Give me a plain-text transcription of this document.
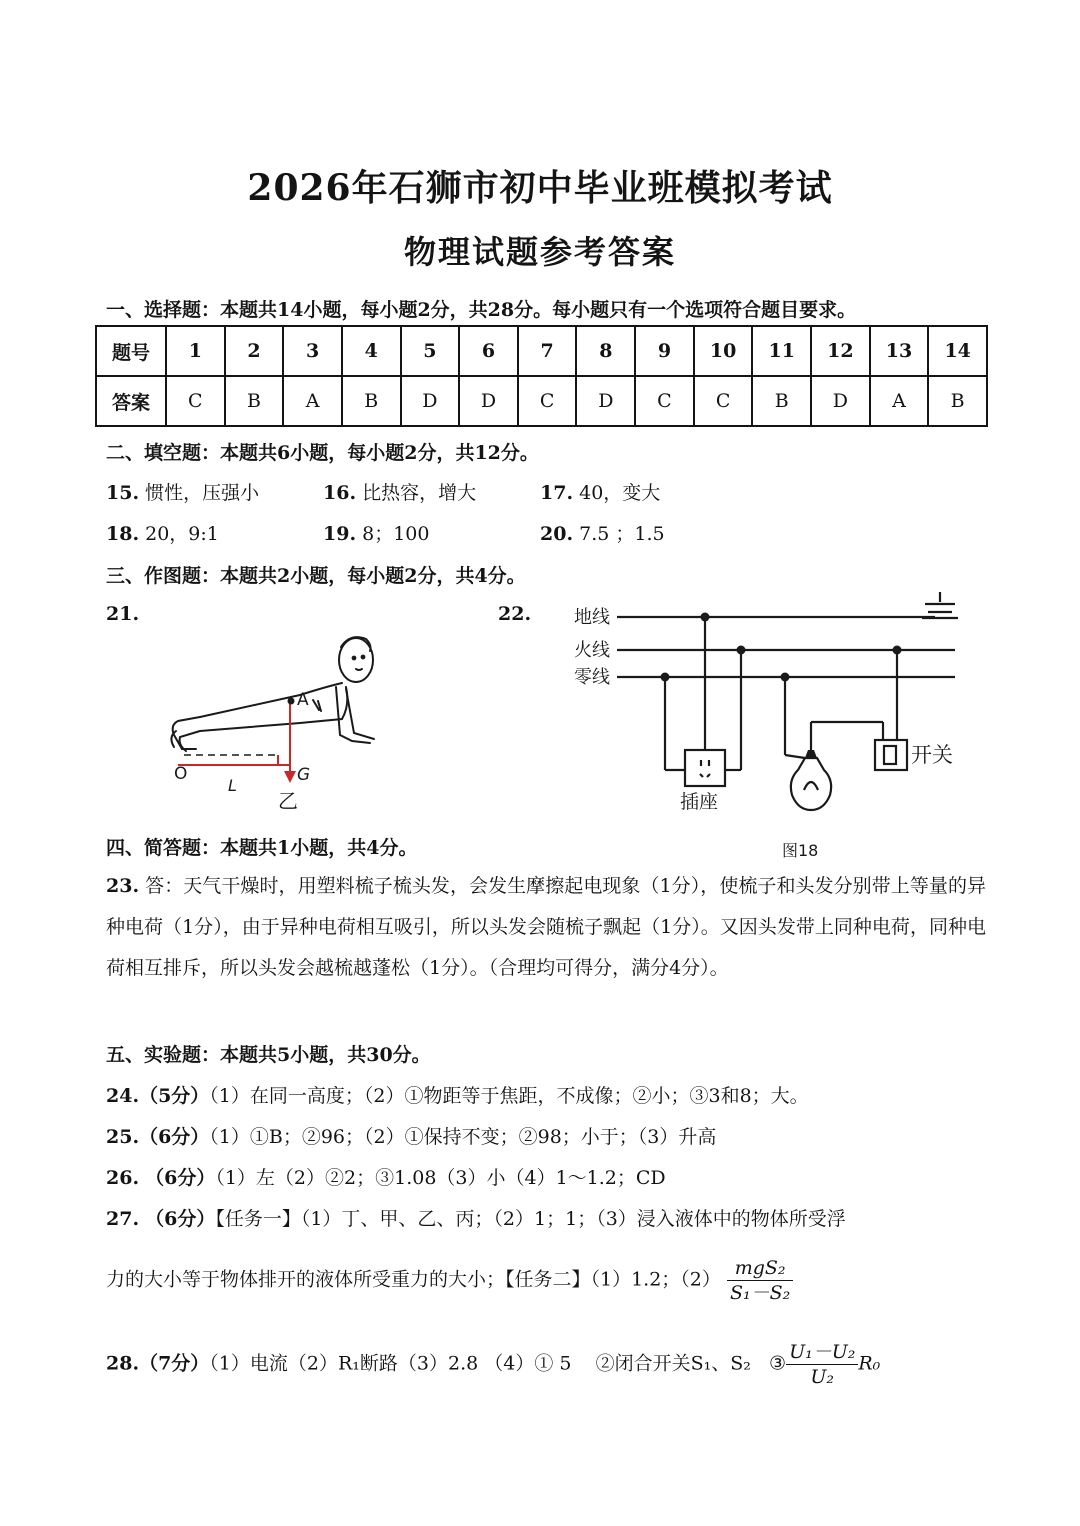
2026年石狮市初中毕业班模拟考试
物理试题参考答案
一、选择题：本题共14小题，每小题2分，共28分。每小题只有一个选项符合题目要求。
题号	1	2	3	4	5	6	7	8	9	10	11	12	13	14
答案	C	B	A	B	D	D	C	D	C	C	B	D	A	B
二、填空题：本题共6小题，每小题2分，共12分。
15. 惯性，压强小	16. 比热容，增大	17. 40，变大
18. 20，9:1	19. 8；100	20. 7.5 ；1.5
三、作图题：本题共2小题，每小题2分，共4分。
21.	22.
A
O
L
G
乙
地线
火线
零线
插座
开关
图18
四、简答题：本题共1小题，共4分。
23. 答：天气干燥时，用塑料梳子梳头发，会发生摩擦起电现象（1分），使梳子和头发分别带上等量的异种电荷（1分），由于异种电荷相互吸引，所以头发会随梳子飘起（1分）。又因头发带上同种电荷，同种电荷相互排斥，所以头发会越梳越蓬松（1分）。（合理均可得分，满分4分）。
五、实验题：本题共5小题，共30分。
24.（5分）（1）在同一高度；（2）①物距等于焦距，不成像；②小；③3和8；大。
25.（6分）（1）①B；②96；（2）①保持不变；②98；小于；（3）升高
26. （6分）（1）左（2）②2；③1.08（3）小（4）1～1.2；CD
27. （6分）【任务一】（1）丁、甲、乙、丙；（2）1；1；（3）浸入液体中的物体所受浮
力的大小等于物体排开的液体所受重力的大小；【任务二】（1）1.2；$(2) \frac{\text{mgS₂}}{\text{S₁－S₂}}$
28.（7分）（1）电流（2）R₁断路（3）2.8 （4）① 5 ②闭合开关S₁、S₂ ③ $\frac{\text{U₁－U₂}}{\text{U₂}} R_0$
